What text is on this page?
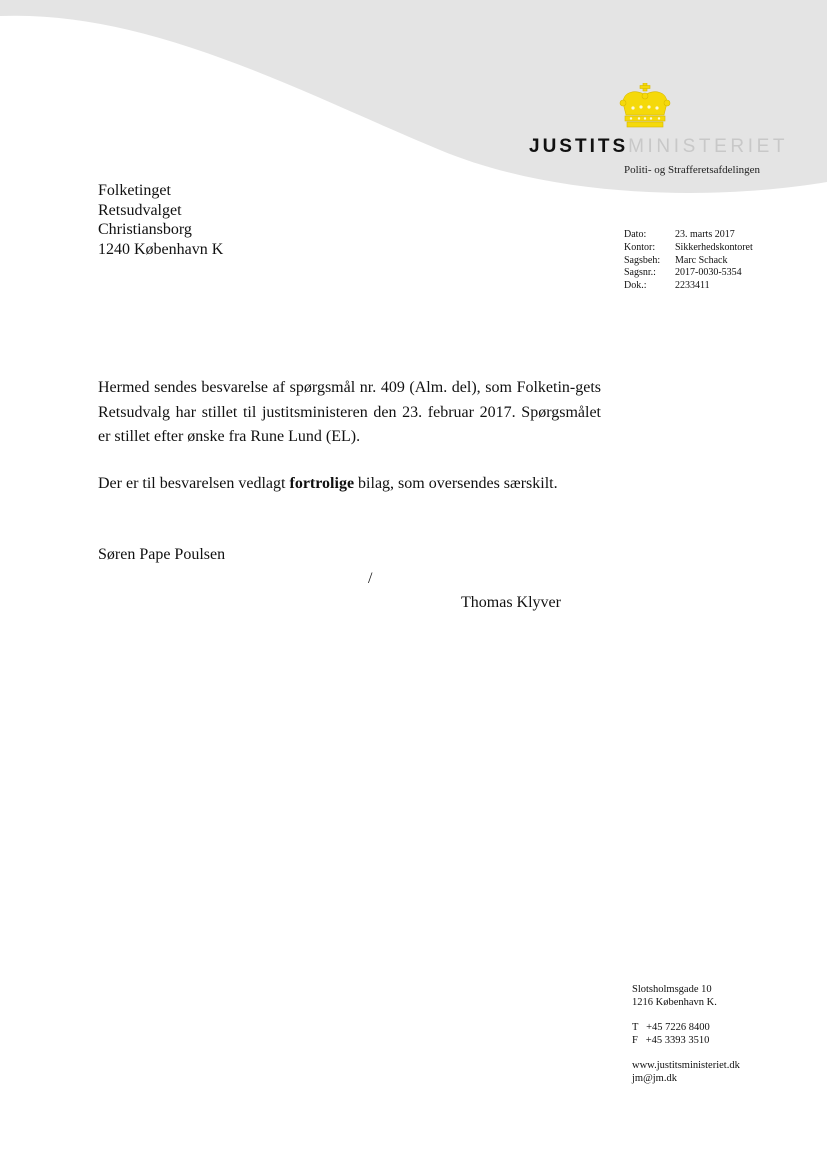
JUSTITSMINISTERIET
Politi- og Strafferetsafdelingen
Folketinget
Retsudvalget
Christiansborg
1240 København K
Dato:	23. marts 2017
Kontor:	Sikkerhedskontoret
Sagsbeh:	Marc Schack
Sagsnr.:	2017-0030-5354
Dok.:	2233411

Hermed sendes besvarelse af spørgsmål nr. 409 (Alm. del), som Folketin-gets Retsudvalg har stillet til justitsministeren den 23. februar 2017. Spørgsmålet er stillet efter ønske fra Rune Lund (EL).

Der er til besvarelsen vedlagt fortrolige bilag, som oversendes særskilt.

Søren Pape Poulsen
/
Thomas Klyver
Slotsholmsgade 10
1216 København K.
T   +45 7226 8400
F   +45 3393 3510
www.justitsministeriet.dk
jm@jm.dk
